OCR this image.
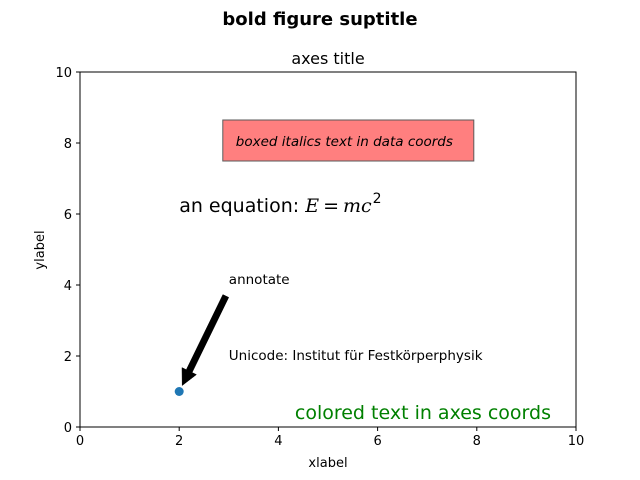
bold figure suptitle
axes title
0	2	4	6	8	10
0
2
4
6
8
10
xlabel
ylabel
boxed italics text in data coords
an equation: $E = mc^2$
Unicode: Institut für Festkörperphysik
annotate
colored text in axes coords
